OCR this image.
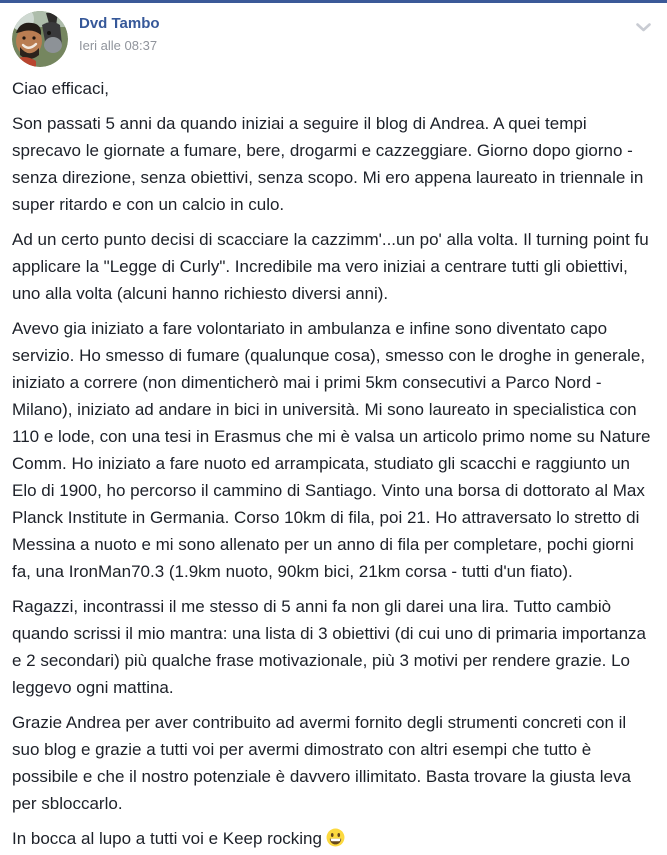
Dvd Tambo
Ieri alle 08:37

Ciao efficaci,

Son passati 5 anni da quando iniziai a seguire il blog di Andrea. A quei tempi sprecavo le giornate a fumare, bere, drogarmi e cazzeggiare. Giorno dopo giorno - senza direzione, senza obiettivi, senza scopo. Mi ero appena laureato in triennale in super ritardo e con un calcio in culo.

Ad un certo punto decisi di scacciare la cazzimm'...un po' alla volta. Il turning point fu applicare la "Legge di Curly". Incredibile ma vero iniziai a centrare tutti gli obiettivi, uno alla volta (alcuni hanno richiesto diversi anni).

Avevo gia iniziato a fare volontariato in ambulanza e infine sono diventato capo servizio. Ho smesso di fumare (qualunque cosa), smesso con le droghe in generale, iniziato a correre (non dimenticherò mai i primi 5km consecutivi a Parco Nord -Milano), iniziato ad andare in bici in università. Mi sono laureato in specialistica con 110 e lode, con una tesi in Erasmus che mi è valsa un articolo primo nome su Nature Comm. Ho iniziato a fare nuoto ed arrampicata, studiato gli scacchi e raggiunto un Elo di 1900, ho percorso il cammino di Santiago. Vinto una borsa di dottorato al Max Planck Institute in Germania. Corso 10km di fila, poi 21. Ho attraversato lo stretto di Messina a nuoto e mi sono allenato per un anno di fila per completare, pochi giorni fa, una IronMan70.3 (1.9km nuoto, 90km bici, 21km corsa - tutti d'un fiato).

Ragazzi, incontrassi il me stesso di 5 anni fa non gli darei una lira. Tutto cambiò quando scrissi il mio mantra: una lista di 3 obiettivi (di cui uno di primaria importanza e 2 secondari) più qualche frase motivazionale, più 3 motivi per rendere grazie. Lo leggevo ogni mattina.

Grazie Andrea per aver contribuito ad avermi fornito degli strumenti concreti con il suo blog e grazie a tutti voi per avermi dimostrato con altri esempi che tutto è possibile e che il nostro potenziale è davvero illimitato. Basta trovare la giusta leva per sbloccarlo.

In bocca al lupo a tutti voi e Keep rocking
